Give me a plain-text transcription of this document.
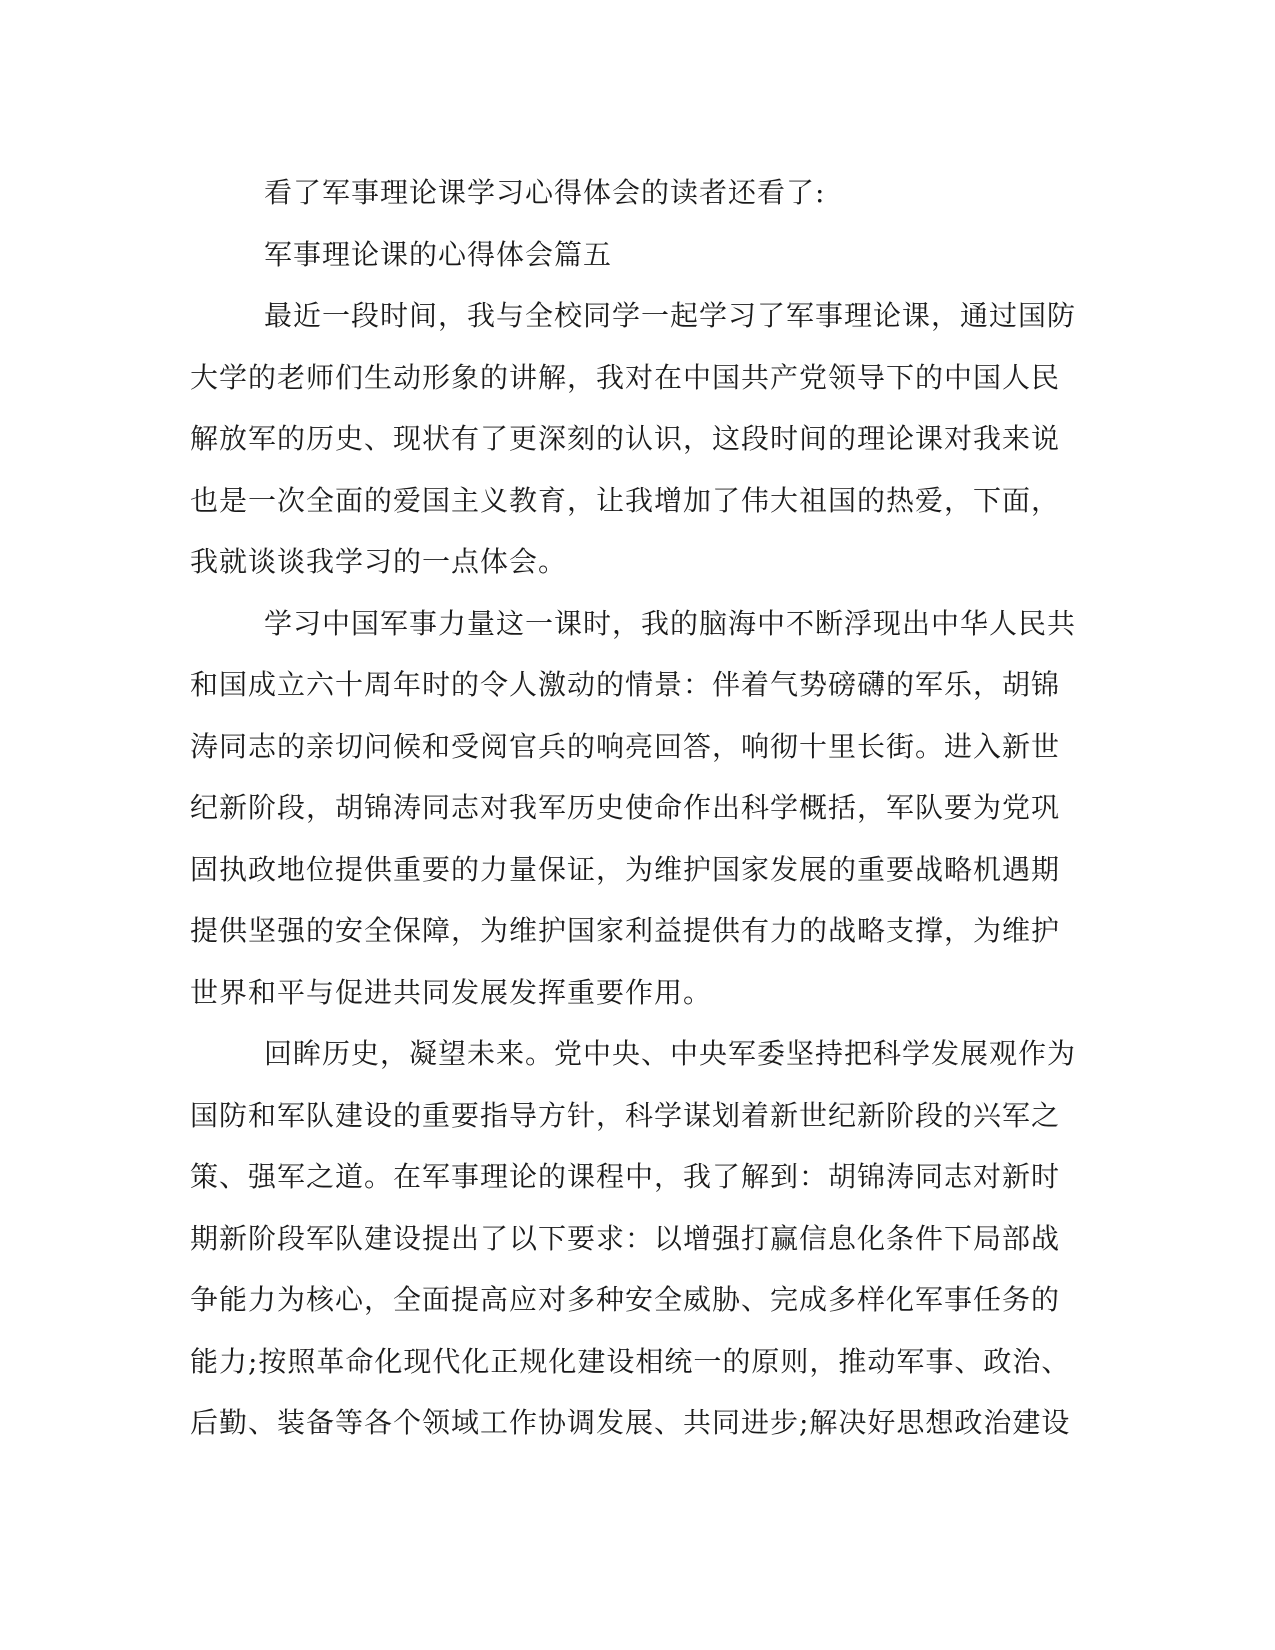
看了军事理论课学习心得体会的读者还看了:
军事理论课的心得体会篇五
最近一段时间，我与全校同学一起学习了军事理论课，通过国防
大学的老师们生动形象的讲解，我对在中国共产党领导下的中国人民
解放军的历史、现状有了更深刻的认识，这段时间的理论课对我来说
也是一次全面的爱国主义教育，让我增加了伟大祖国的热爱，下面，
我就谈谈我学习的一点体会。
学习中国军事力量这一课时，我的脑海中不断浮现出中华人民共
和国成立六十周年时的令人激动的情景：伴着气势磅礴的军乐，胡锦
涛同志的亲切问候和受阅官兵的响亮回答，响彻十里长街。进入新世
纪新阶段，胡锦涛同志对我军历史使命作出科学概括，军队要为党巩
固执政地位提供重要的力量保证，为维护国家发展的重要战略机遇期
提供坚强的安全保障，为维护国家利益提供有力的战略支撑，为维护
世界和平与促进共同发展发挥重要作用。
回眸历史，凝望未来。党中央、中央军委坚持把科学发展观作为
国防和军队建设的重要指导方针，科学谋划着新世纪新阶段的兴军之
策、强军之道。在军事理论的课程中，我了解到：胡锦涛同志对新时
期新阶段军队建设提出了以下要求：以增强打赢信息化条件下局部战
争能力为核心，全面提高应对多种安全威胁、完成多样化军事任务的
能力;按照革命化现代化正规化建设相统一的原则，推动军事、政治、
后勤、装备等各个领域工作协调发展、共同进步;解决好思想政治建设
